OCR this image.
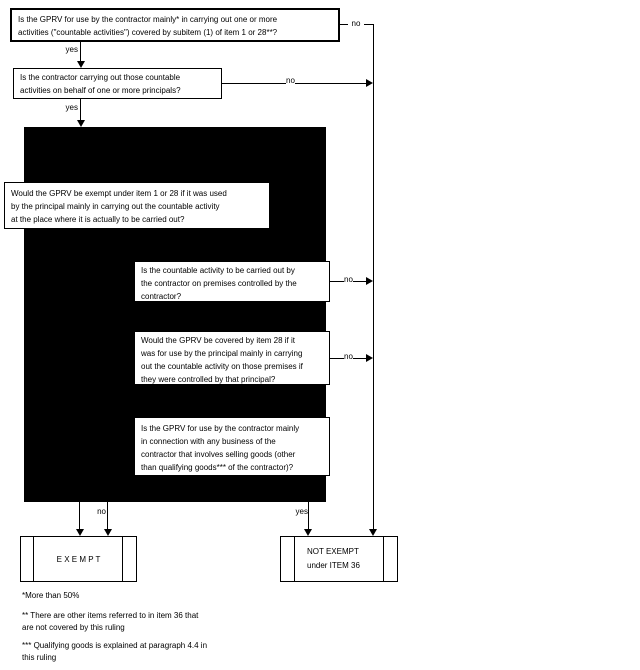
Is the GPRV for use by the contractor mainly* in carrying out one or more
activities ("countable activities") covered by subitem (1) of item 1 or 28**?
yes
no
Is the contractor carrying out those countable
activities on behalf of one or more principals?
no
yes
Would the GPRV be exempt under item 1 or 28 if it was used
by the principal mainly in carrying out the countable activity
at the place where it is actually to be carried out?
Is the countable activity to be carried out by
the contractor on premises controlled by the
contractor?
no
Would the GPRV be covered by item 28 if it
was for use by the principal mainly in carrying
out the countable activity on those premises if
they were controlled by that principal?
no
Is the GPRV for use by the contractor mainly
in connection with any business of the
contractor that involves selling goods (other
than qualifying goods*** of the contractor)?
no	yes
E X E M P T
NOT EXEMPT
under ITEM 36
*More than 50%
** There are other items referred to in item 36 that
are not covered by this ruling
*** Qualifying goods is explained at paragraph 4.4 in
this ruling
